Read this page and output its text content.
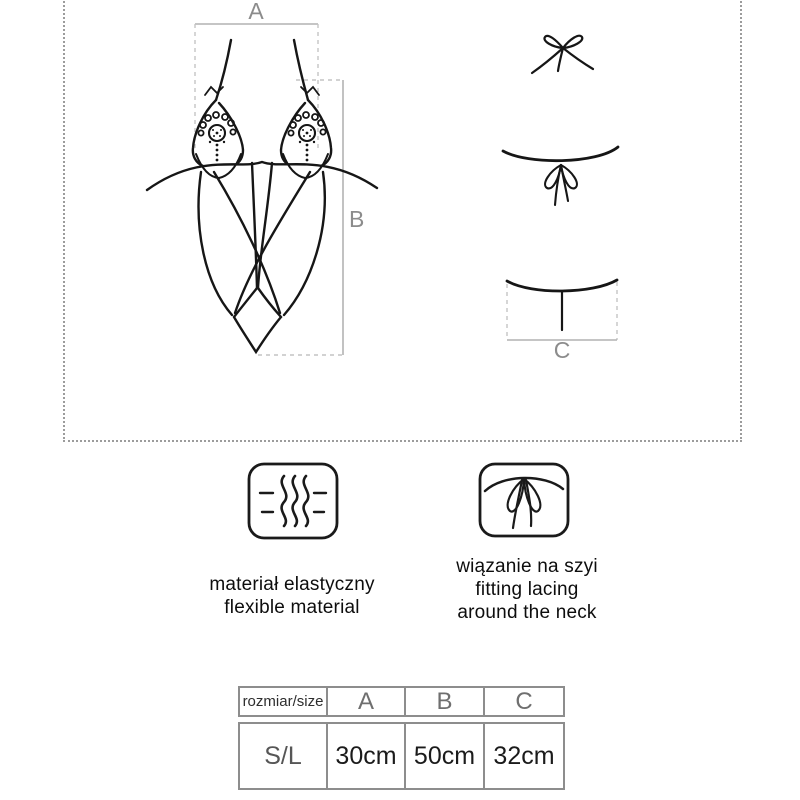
A
B
C
materiał elastyczny
flexible material
wiązanie na szyi
fitting lacing
around the neck
rozmiar/size	A	B	C
S/L	30cm 50cm 32cm
